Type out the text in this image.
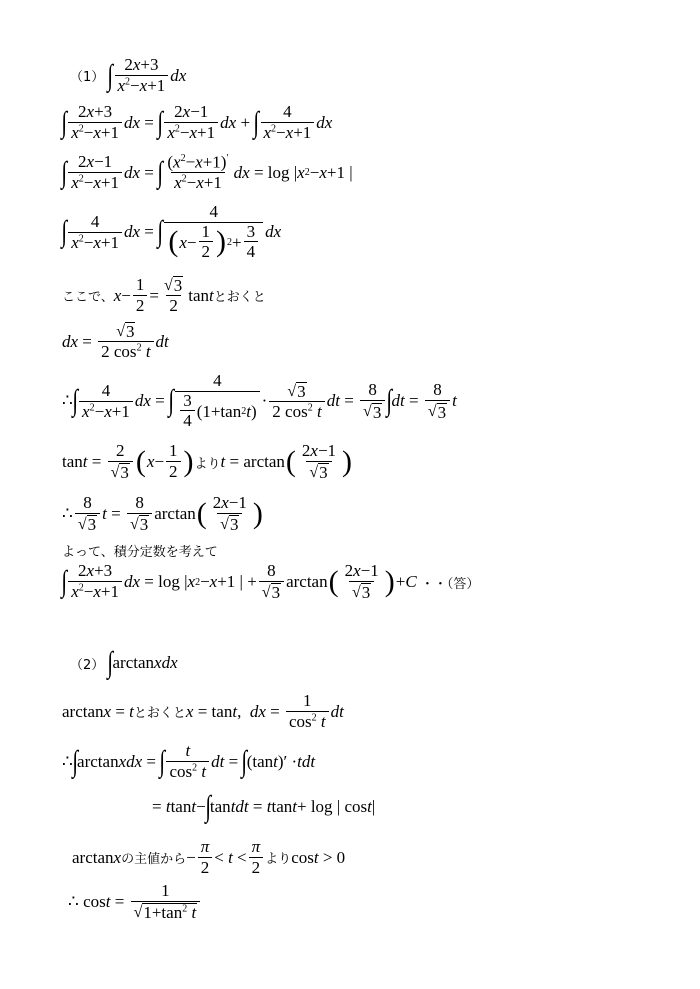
（1） ∫ $\frac{2x+3}{x^2-x+1}$ dx
∫ $\frac{2x+3}{x^2-x+1}$ dx = ∫ $\frac{2x-1}{x^2-x+1}$ dx + ∫ $\frac{4}{x^2-x+1}$ dx
∫ $\frac{2x-1}{x^2-x+1}$ dx = ∫ $\frac{(x^2-x+1)'}{x^2-x+1}$ dx = log | x 2 − x +1 |
∫ $\frac{4}{x^2-x+1}$ dx = ∫ $\frac{4}{( x - \frac{1}{2} ) 2 + \frac{3}{4}}$ dx
ここで、 $x - \frac{1}{2} = \frac{√ 3}{2}$ tan t とおくと
dx = $\frac{√ 3}{2 \cos^2 t}$ dt
∴ ∫ $\frac{4}{x^2-x+1}$ dx = ∫ $\frac{4}{\frac{3}{4} (1+\tan 2 t )} \cdot \frac{√ 3}{2 \cos^2 t}$ dt = $\frac{8}{√ 3}$ ∫ dt = $\frac{8}{√ 3}$ t
$\tan t = \frac{2}{√ 3}$ ( $x - \frac{1}{2}$ ) より t = arctan ( $\frac{2x-1}{√ 3}$ )
∴ $\frac{8}{√ 3}$ $t = \frac{8}{√ 3}$ arctan ( $\frac{2x-1}{√ 3}$ )
よって、積分定数を考えて
∫ $\frac{2x+3}{x^2-x+1}$ dx = log | x 2 − x +1 | + $\frac{8}{√ 3}$ arctan ( $\frac{2x-1}{√ 3}$ ) + C
・・（答）
（2） ∫ arctan xdx
arctan x = t とおくと x = tan t , dx = $\frac{1}{\cos^2 t}$ dt
∴ ∫ arctan xdx = ∫ $\frac{t}{\cos^2 t}$ dt = ∫ (tan t )′ · tdt
= t tan t − ∫ tan tdt = t tan t + log | cos t |
arctan x の主値から − $\frac{\pi}{2} < t < \frac{\pi}{2}$ より cos t > 0
∴ $\cos t = \frac{1}{√ 1+\tan^2 t}$
